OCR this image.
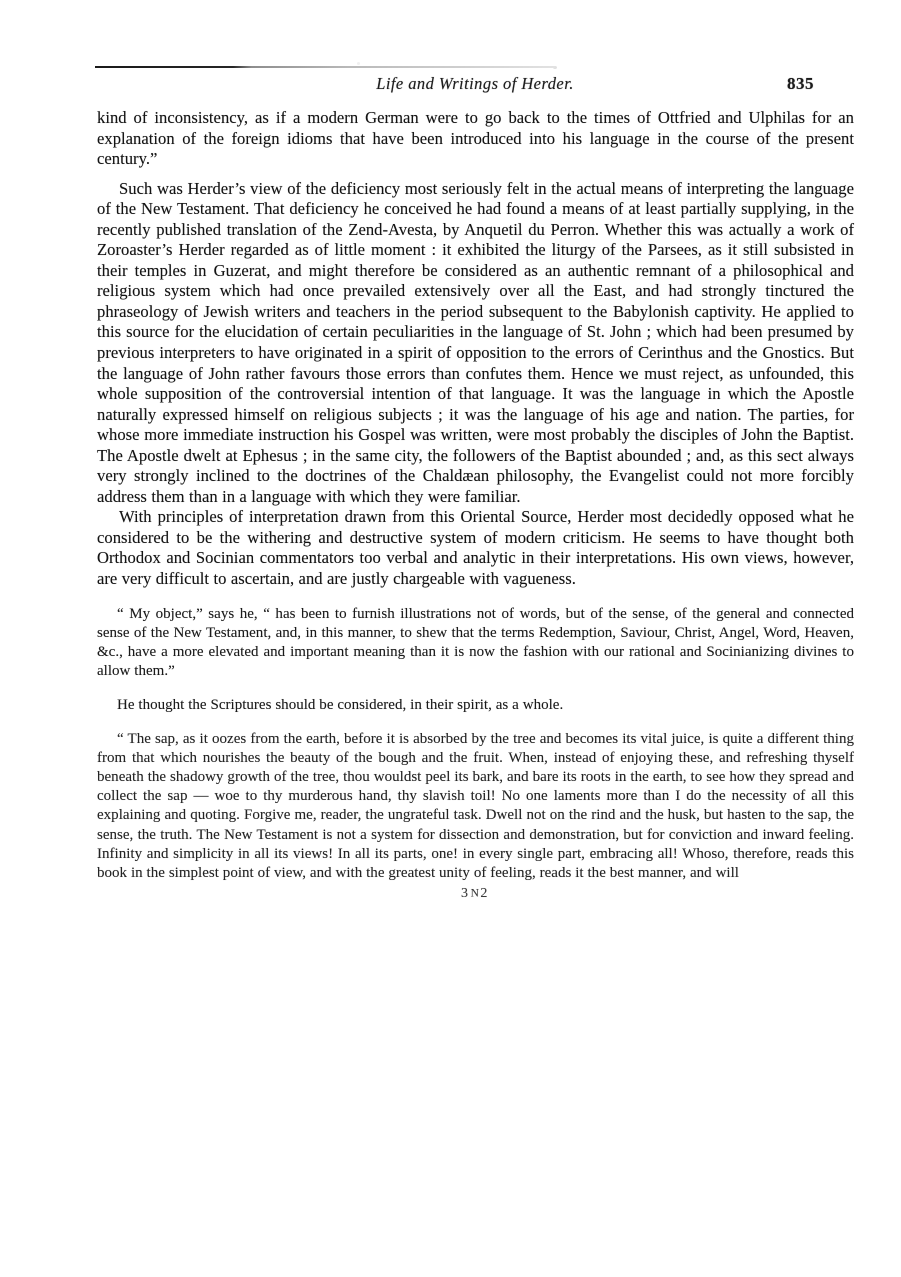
Life and Writings of Herder.	835

kind of inconsistency, as if a modern German were to go back to the times of Ottfried and Ulphilas for an explanation of the foreign idioms that have been introduced into his language in the course of the present century.”

Such was Herder’s view of the deficiency most seriously felt in the actual means of interpreting the language of the New Testament. That deficiency he conceived he had found a means of at least partially supplying, in the recently published translation of the Zend-Avesta, by Anquetil du Perron. Whether this was actually a work of Zoroaster’s Herder regarded as of little moment : it exhibited the liturgy of the Parsees, as it still subsisted in their temples in Guzerat, and might therefore be considered as an authentic remnant of a philosophical and religious system which had once prevailed extensively over all the East, and had strongly tinctured the phraseology of Jewish writers and teachers in the period subsequent to the Babylonish captivity. He applied to this source for the elucidation of certain peculiarities in the language of St. John ; which had been presumed by previous interpreters to have originated in a spirit of opposition to the errors of Cerinthus and the Gnostics. But the language of John rather favours those errors than confutes them. Hence we must reject, as unfounded, this whole supposition of the controversial intention of that language. It was the language in which the Apostle naturally expressed himself on religious subjects ; it was the language of his age and nation. The parties, for whose more immediate instruction his Gospel was written, were most probably the disciples of John the Baptist. The Apostle dwelt at Ephesus ; in the same city, the followers of the Baptist abounded ; and, as this sect always very strongly inclined to the doctrines of the Chaldæan philosophy, the Evangelist could not more forcibly address them than in a language with which they were familiar.

With principles of interpretation drawn from this Oriental Source, Herder most decidedly opposed what he considered to be the withering and destructive system of modern criticism. He seems to have thought both Orthodox and Socinian commentators too verbal and analytic in their interpretations. His own views, however, are very difficult to ascertain, and are justly chargeable with vagueness.

“ My object,” says he, “ has been to furnish illustrations not of words, but of the sense, of the general and connected sense of the New Testament, and, in this manner, to shew that the terms Redemption, Saviour, Christ, Angel, Word, Heaven, &c., have a more elevated and important meaning than it is now the fashion with our rational and Socinianizing divines to allow them.”

He thought the Scriptures should be considered, in their spirit, as a whole.

“ The sap, as it oozes from the earth, before it is absorbed by the tree and becomes its vital juice, is quite a different thing from that which nourishes the beauty of the bough and the fruit. When, instead of enjoying these, and refreshing thyself beneath the shadowy growth of the tree, thou wouldst peel its bark, and bare its roots in the earth, to see how they spread and collect the sap — woe to thy murderous hand, thy slavish toil! No one laments more than I do the necessity of all this explaining and quoting. Forgive me, reader, the ungrateful task. Dwell not on the rind and the husk, but hasten to the sap, the sense, the truth. The New Testament is not a system for dissection and demonstration, but for conviction and inward feeling. Infinity and simplicity in all its views! In all its parts, one! in every single part, embracing all! Whoso, therefore, reads this book in the simplest point of view, and with the greatest unity of feeling, reads it the best manner, and will

3N2
